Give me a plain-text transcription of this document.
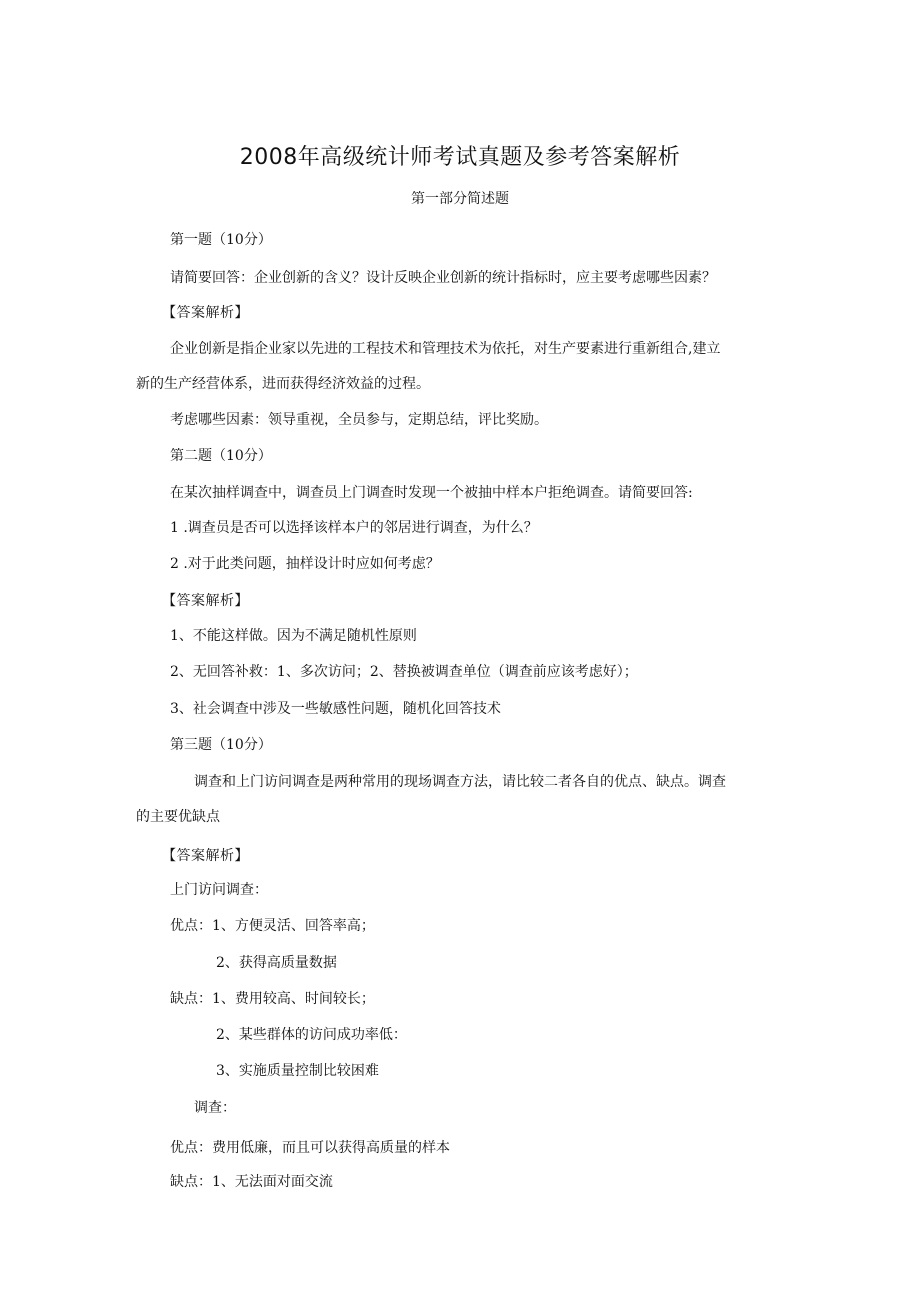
2008年高级统计师考试真题及参考答案解析
第一部分简述题
第一题（10分）
请简要回答：企业创新的含义？设计反映企业创新的统计指标时，应主要考虑哪些因素？
【答案解析】
企业创新是指企业家以先进的工程技术和管理技术为依托，对生产要素进行重新组合,建立
新的生产经营体系，进而获得经济效益的过程。
考虑哪些因素：领导重视，全员参与，定期总结，评比奖励。
第二题（10分）
在某次抽样调查中，调查员上门调查时发现一个被抽中样本户拒绝调查。请简要回答:
1 .调查员是否可以选择该样本户的邻居进行调查，为什么？
2 .对于此类问题，抽样设计时应如何考虑？
【答案解析】
1、不能这样做。因为不满足随机性原则
2、无回答补救：1、多次访问；2、替换被调查单位（调查前应该考虑好）；
3、社会调查中涉及一些敏感性问题，随机化回答技术
第三题（10分）
调查和上门访问调查是两种常用的现场调查方法，请比较二者各自的优点、缺点。调查
的主要优缺点
【答案解析】
上门访问调查：
优点：1、方便灵活、回答率高；
2、获得高质量数据
缺点：1、费用较高、时间较长；
2、某些群体的访问成功率低：
3、实施质量控制比较困难
调查：
优点：费用低廉，而且可以获得高质量的样本
缺点：1、无法面对面交流
